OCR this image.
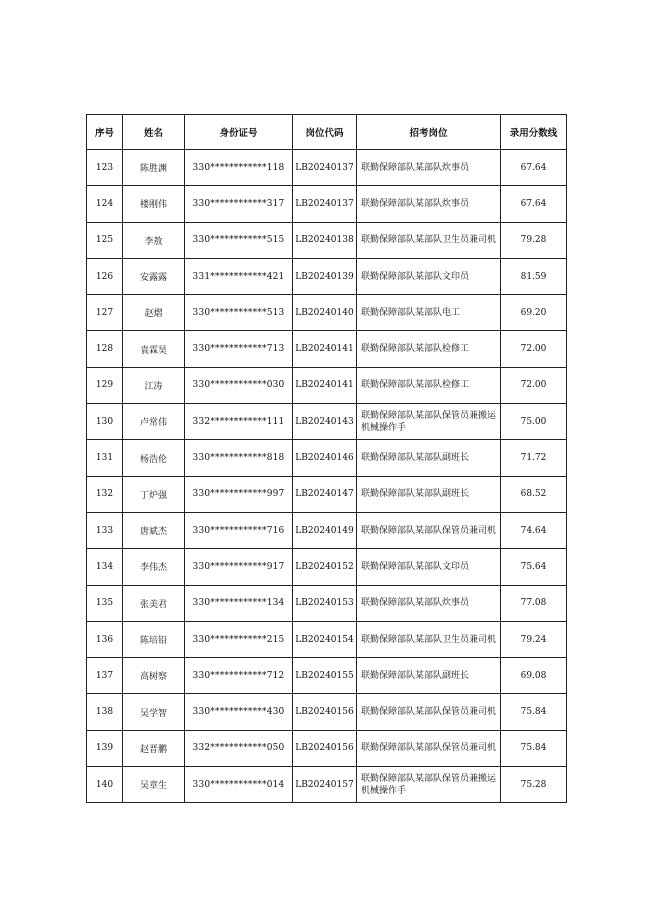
序号	姓名	身份证号	岗位代码	招考岗位	录用分数线
123	陈胜渊	330************118	LB20240137	联勤保障部队某部队炊事员	67.64
124	楼刚伟	330************317	LB20240137	联勤保障部队某部队炊事员	67.64
125	李敖	330************515	LB20240138	联勤保障部队某部队卫生员兼司机	79.28
126	安露露	331************421	LB20240139	联勤保障部队某部队文印员	81.59
127	赵熠	330************513	LB20240140	联勤保障部队某部队电工	69.20
128	袁霖昊	330************713	LB20240141	联勤保障部队某部队检修工	72.00
129	江涛	330************030	LB20240141	联勤保障部队某部队检修工	72.00
130	卢常伟	332************111	LB20240143	联勤保障部队某部队保管员兼搬运机械操作手	75.00
131	杨浩伦	330************818	LB20240146	联勤保障部队某部队副班长	71.72
132	丁炉强	330************997	LB20240147	联勤保障部队某部队副班长	68.52
133	唐斌杰	330************716	LB20240149	联勤保障部队某部队保管员兼司机	74.64
134	李伟杰	330************917	LB20240152	联勤保障部队某部队文印员	75.64
135	张美君	330************134	LB20240153	联勤保障部队某部队炊事员	77.08
136	陈培铅	330************215	LB20240154	联勤保障部队某部队卫生员兼司机	79.24
137	高树察	330************712	LB20240155	联勤保障部队某部队副班长	69.08
138	吴学智	330************430	LB20240156	联勤保障部队某部队保管员兼司机	75.84
139	赵晋鹏	332************050	LB20240156	联勤保障部队某部队保管员兼司机	75.84
140	吴章生	330************014	LB20240157	联勤保障部队某部队保管员兼搬运机械操作手	75.28
